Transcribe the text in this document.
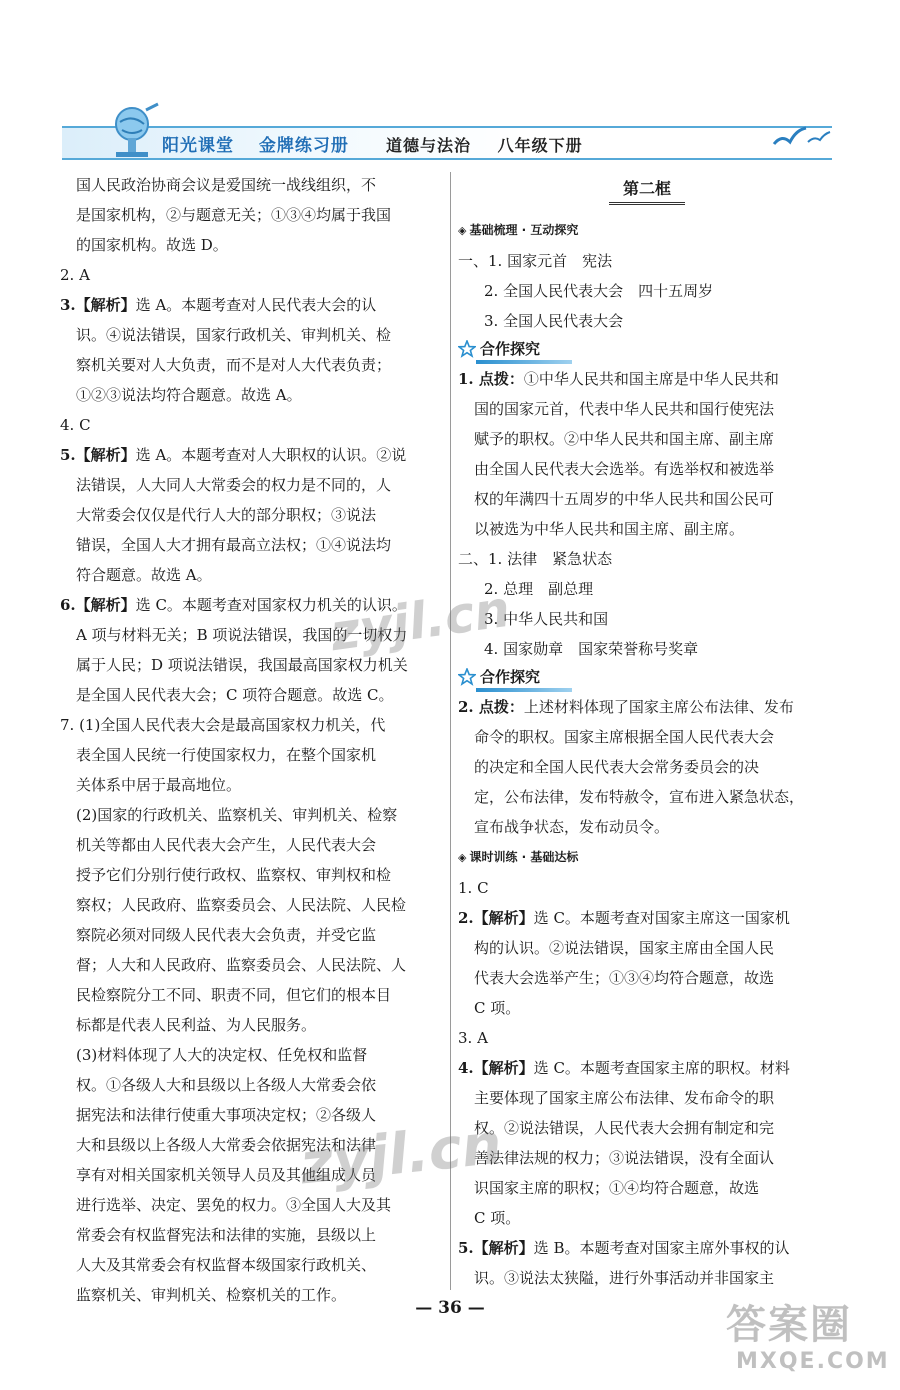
阳光课堂 金牌练习册	道德与法治 八年级下册

国人民政治协商会议是爱国统一战线组织，不

是国家机构，②与题意无关；①③④均属于我国

的国家机构。故选 D。

2. A

3.【解析】选 A。本题考查对人民代表大会的认

识。④说法错误，国家行政机关、审判机关、检

察机关要对人大负责，而不是对人大代表负责；

①②③说法均符合题意。故选 A。

4. C

5.【解析】选 A。本题考查对人大职权的认识。②说

法错误，人大同人大常委会的权力是不同的，人

大常委会仅仅是代行人大的部分职权；③说法

错误，全国人大才拥有最高立法权；①④说法均

符合题意。故选 A。

6.【解析】选 C。本题考查对国家权力机关的认识。

A 项与材料无关；B 项说法错误，我国的一切权力

属于人民；D 项说法错误，我国最高国家权力机关

是全国人民代表大会；C 项符合题意。故选 C。

7. (1)全国人民代表大会是最高国家权力机关，代

表全国人民统一行使国家权力，在整个国家机

关体系中居于最高地位。

(2)国家的行政机关、监察机关、审判机关、检察

机关等都由人民代表大会产生，人民代表大会

授予它们分别行使行政权、监察权、审判权和检

察权；人民政府、监察委员会、人民法院、人民检

察院必须对同级人民代表大会负责，并受它监

督；人大和人民政府、监察委员会、人民法院、人

民检察院分工不同、职责不同，但它们的根本目

标都是代表人民利益、为人民服务。

(3)材料体现了人大的决定权、任免权和监督

权。①各级人大和县级以上各级人大常委会依

据宪法和法律行使重大事项决定权；②各级人

大和县级以上各级人大常委会依据宪法和法律

享有对相关国家机关领导人员及其他组成人员

进行选举、决定、罢免的权力。③全国人大及其

常委会有权监督宪法和法律的实施，县级以上

人大及其常委会有权监督本级国家行政机关、

监察机关、审判机关、检察机关的工作。

第二框

◈ 基础梳理 · 互动探究

一、1. 国家元首　宪法

2. 全国人民代表大会　四十五周岁

3. 全国人民代表大会

合作探究

1. 点拨：①中华人民共和国主席是中华人民共和

国的国家元首，代表中华人民共和国行使宪法

赋予的职权。②中华人民共和国主席、副主席

由全国人民代表大会选举。有选举权和被选举

权的年满四十五周岁的中华人民共和国公民可

以被选为中华人民共和国主席、副主席。

二、1. 法律　紧急状态

2. 总理　副总理

3. 中华人民共和国

4. 国家勋章　国家荣誉称号奖章

合作探究

2. 点拨：上述材料体现了国家主席公布法律、发布

命令的职权。国家主席根据全国人民代表大会

的决定和全国人民代表大会常务委员会的决

定，公布法律，发布特赦令，宣布进入紧急状态，

宣布战争状态，发布动员令。

◈ 课时训练 · 基础达标

1. C

2.【解析】选 C。本题考查对国家主席这一国家机

构的认识。②说法错误，国家主席由全国人民

代表大会选举产生；①③④均符合题意，故选

C 项。

3. A

4.【解析】选 C。本题考查国家主席的职权。材料

主要体现了国家主席公布法律、发布命令的职

权。②说法错误，人民代表大会拥有制定和完

善法律法规的权力；③说法错误，没有全面认

识国家主席的职权；①④均符合题意，故选

C 项。

5.【解析】选 B。本题考查对国家主席外事权的认

识。③说法太狭隘，进行外事活动并非国家主

zyjl.cn
zyjl.cn
— 36 —	答案圈
MXQE.COM
